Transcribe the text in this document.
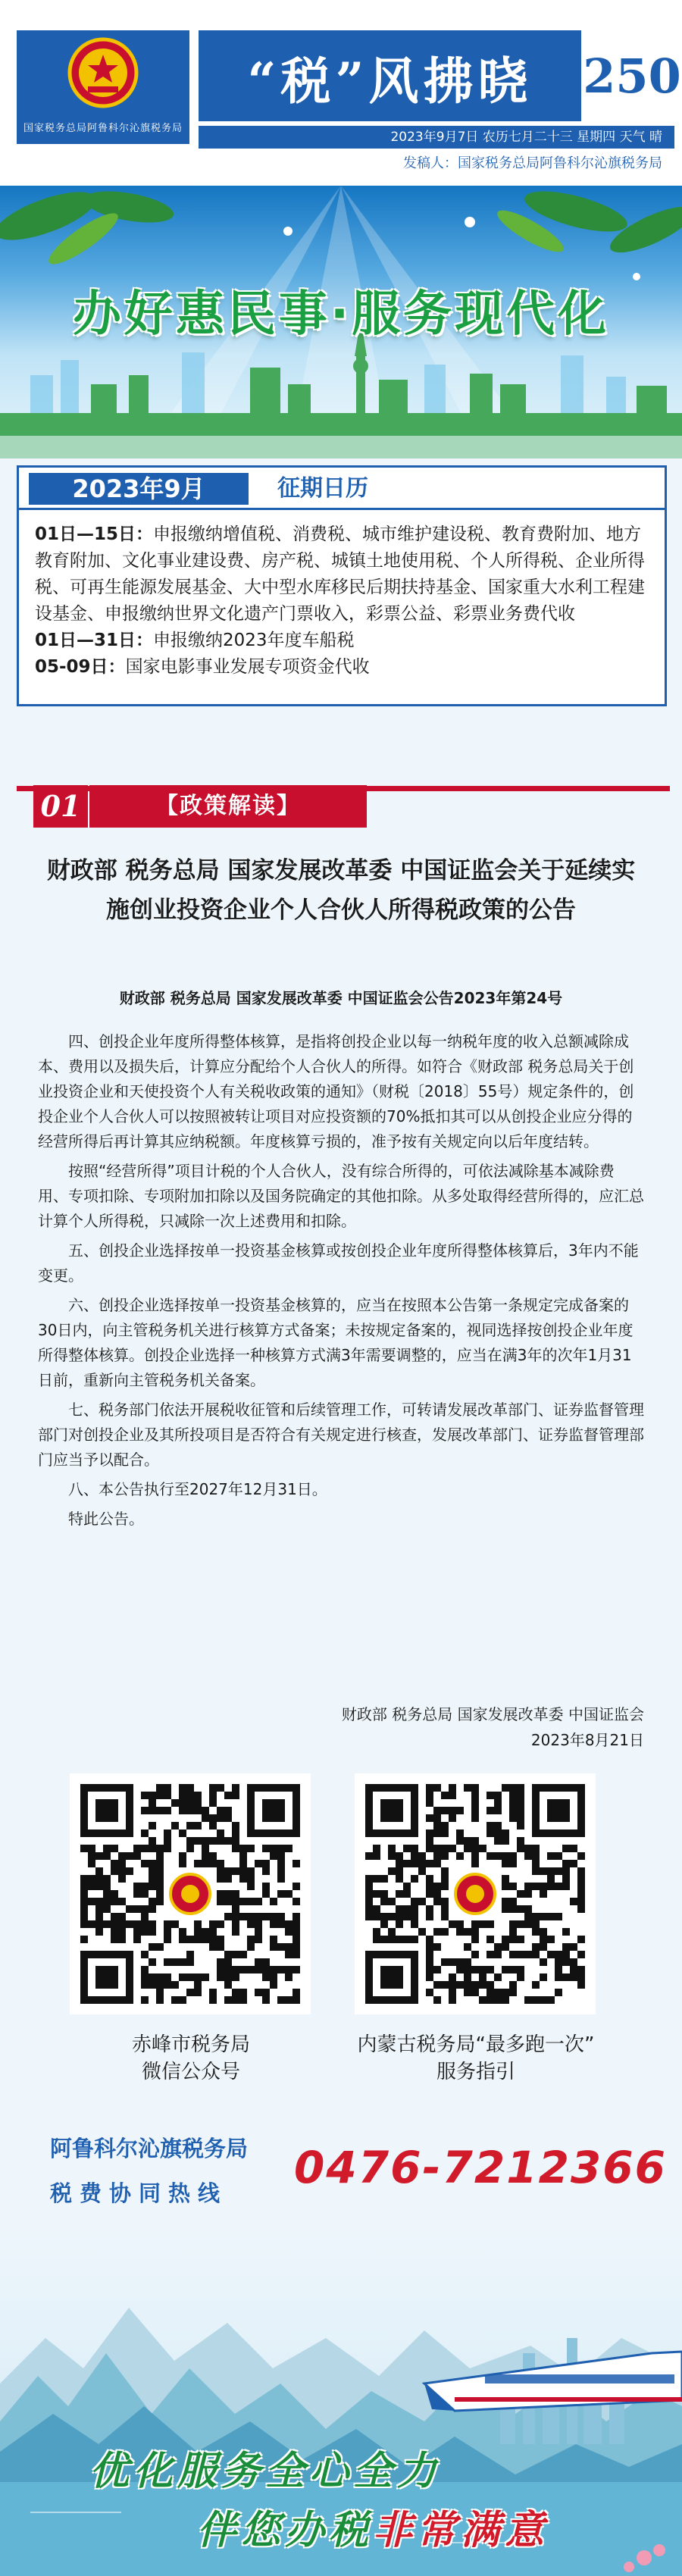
国家税务总局阿鲁科尔沁旗税务局
“税”风拂晓	250
2023年9月7日 农历七月二十三 星期四 天气 晴
发稿人：国家税务总局阿鲁科尔沁旗税务局
办好惠民事·服务现代化
2023年9月	征期日历

01日—15日：申报缴纳增值税、消费税、城市维护建设税、教育费附加、地方教育附加、文化事业建设费、房产税、城镇土地使用税、个人所得税、企业所得税、可再生能源发展基金、大中型水库移民后期扶持基金、国家重大水利工程建设基金、申报缴纳世界文化遗产门票收入，彩票公益、彩票业务费代收

01日—31日：申报缴纳2023年度车船税

05-09日：国家电影事业发展专项资金代收

01	【政策解读】
财政部 税务总局 国家发展改革委 中国证监会关于延续实施创业投资企业个人合伙人所得税政策的公告
财政部 税务总局 国家发展改革委 中国证监会公告2023年第24号

四、创投企业年度所得整体核算，是指将创投企业以每一纳税年度的收入总额减除成本、费用以及损失后，计算应分配给个人合伙人的所得。如符合《财政部 税务总局关于创业投资企业和天使投资个人有关税收政策的通知》（财税〔2018〕55号）规定条件的，创投企业个人合伙人可以按照被转让项目对应投资额的70%抵扣其可以从创投企业应分得的经营所得后再计算其应纳税额。年度核算亏损的，准予按有关规定向以后年度结转。

按照“经营所得”项目计税的个人合伙人，没有综合所得的，可依法减除基本减除费用、专项扣除、专项附加扣除以及国务院确定的其他扣除。从多处取得经营所得的，应汇总计算个人所得税，只减除一次上述费用和扣除。

五、创投企业选择按单一投资基金核算或按创投企业年度所得整体核算后，3年内不能变更。

六、创投企业选择按单一投资基金核算的，应当在按照本公告第一条规定完成备案的30日内，向主管税务机关进行核算方式备案；未按规定备案的，视同选择按创投企业年度所得整体核算。创投企业选择一种核算方式满3年需要调整的，应当在满3年的次年1月31日前，重新向主管税务机关备案。

七、税务部门依法开展税收征管和后续管理工作，可转请发展改革部门、证券监督管理部门对创投企业及其所投项目是否符合有关规定进行核查，发展改革部门、证券监督管理部门应当予以配合。

八、本公告执行至2027年12月31日。

特此公告。

财政部 税务总局 国家发展改革委 中国证监会
2023年8月21日
赤峰市税务局
微信公众号
内蒙古税务局“最多跑一次”
服务指引
阿鲁科尔沁旗税务局
税费协同热线 0476-7212366
优化服务全心全力
伴您办税非常满意
